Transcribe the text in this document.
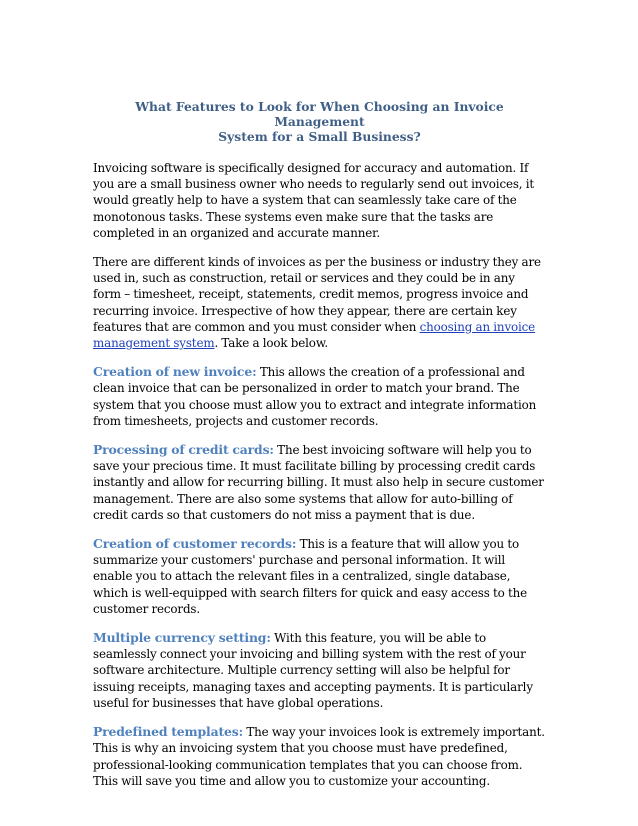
What Features to Look for When Choosing an Invoice Management
System for a Small Business?

Invoicing software is specifically designed for accuracy and automation. If you are a small business owner who needs to regularly send out invoices, it would greatly help to have a system that can seamlessly take care of the monotonous tasks. These systems even make sure that the tasks are completed in an organized and accurate manner.

There are different kinds of invoices as per the business or industry they are used in, such as construction, retail or services and they could be in any form – timesheet, receipt, statements, credit memos, progress invoice and recurring invoice. Irrespective of how they appear, there are certain key features that are common and you must consider when choosing an invoice management system. Take a look below.

Creation of new invoice: This allows the creation of a professional and clean invoice that can be personalized in order to match your brand. The system that you choose must allow you to extract and integrate information from timesheets, projects and customer records.

Processing of credit cards: The best invoicing software will help you to save your precious time. It must facilitate billing by processing credit cards instantly and allow for recurring billing. It must also help in secure customer management. There are also some systems that allow for auto-billing of credit cards so that customers do not miss a payment that is due.

Creation of customer records: This is a feature that will allow you to summarize your customers' purchase and personal information. It will enable you to attach the relevant files in a centralized, single database, which is well-equipped with search filters for quick and easy access to the customer records.

Multiple currency setting: With this feature, you will be able to seamlessly connect your invoicing and billing system with the rest of your software architecture. Multiple currency setting will also be helpful for issuing receipts, managing taxes and accepting payments. It is particularly useful for businesses that have global operations.

Predefined templates: The way your invoices look is extremely important. This is why an invoicing system that you choose must have predefined, professional-looking communication templates that you can choose from. This will save you time and allow you to customize your accounting.
